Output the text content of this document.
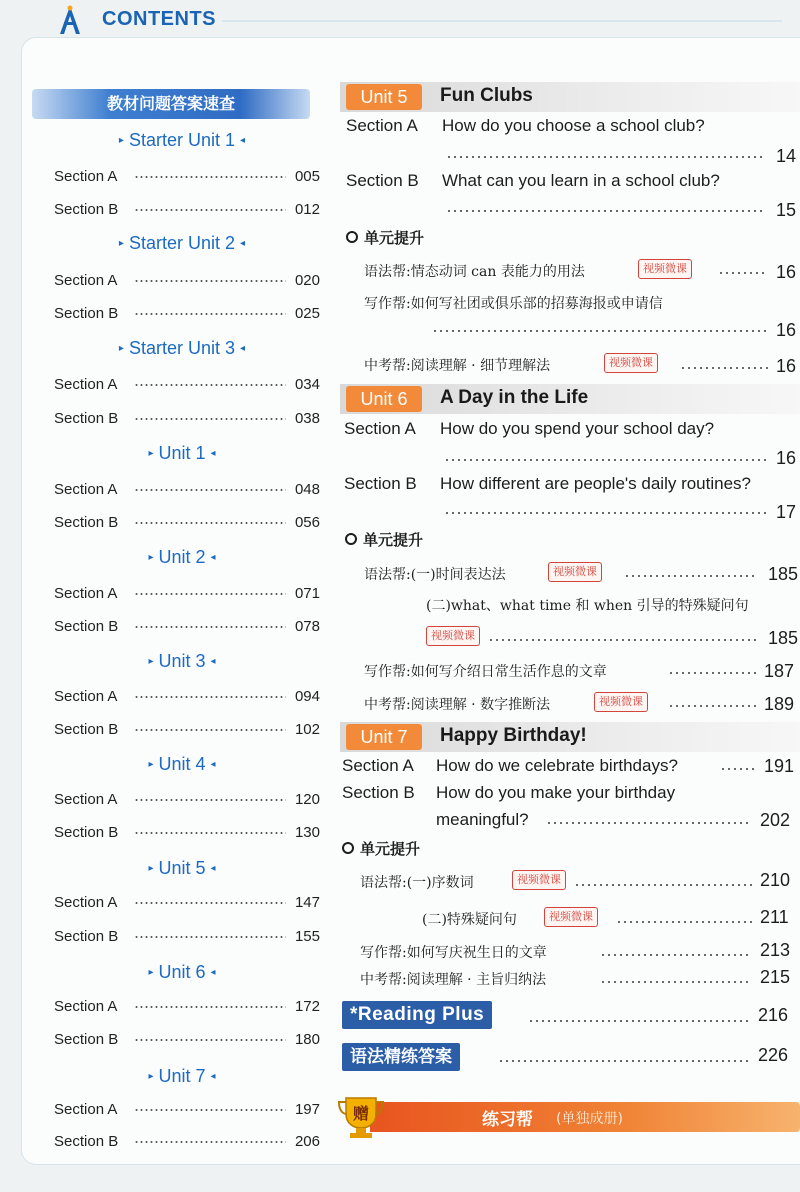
CONTENTS
教材问题答案速查
▸ Starter Unit 1 ◂
Section A	005
Section B	012
▸ Starter Unit 2 ◂
Section A	020
Section B	025
▸ Starter Unit 3 ◂
Section A	034
Section B	038
▸ Unit 1 ◂
Section A	048
Section B	056
▸ Unit 2 ◂
Section A	071
Section B	078
▸ Unit 3 ◂
Section A	094
Section B	102
▸ Unit 4 ◂
Section A	120
Section B	130
▸ Unit 5 ◂
Section A	147
Section B	155
▸ Unit 6 ◂
Section A	172
Section B	180
▸ Unit 7 ◂
Section A	197
Section B	206
Unit 5	Fun Clubs
Section A How do you choose a school club?
14
Section B What can you learn in a school club?
15
单元提升
语法帮:情态动词 can 表能力的用法	视频微课	16
写作帮:如何写社团或俱乐部的招募海报或申请信
16
中考帮:阅读理解 · 细节理解法	视频微课	16
Unit 6	A Day in the Life
Section A How do you spend your school day?
16
Section B How different are people's daily routines?
17
单元提升
语法帮:(一)时间表达法	视频微课	185
(二)what、what time 和 when 引导的特殊疑问句
视频微课	185
写作帮:如何写介绍日常生活作息的文章	187
中考帮:阅读理解 · 数字推断法	视频微课	189
Unit 7	Happy Birthday!
Section A How do we celebrate birthdays?	191
Section B How do you make your birthday
meaningful?	202
单元提升
语法帮:(一)序数词	视频微课	210
(二)特殊疑问句	视频微课	211
写作帮:如何写庆祝生日的文章	213
中考帮:阅读理解 · 主旨归纳法	215
*Reading Plus	216
语法精练答案	226
练习帮 (单独成册)
赠
